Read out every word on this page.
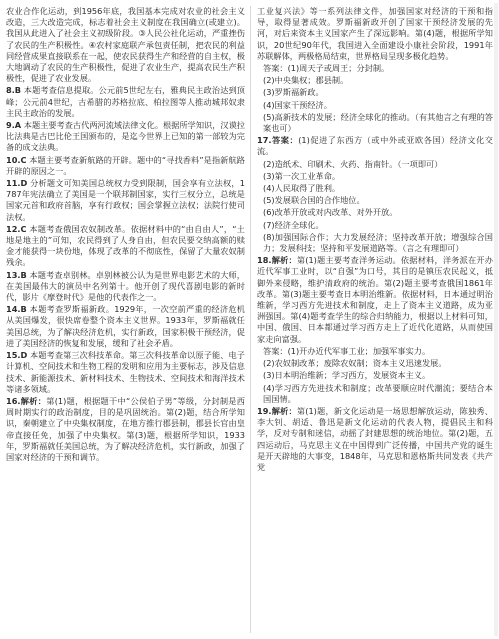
农业合作化运动，到1956年底，我国基本完成对农业的社会主义改造，三大改造完成，标志着社会主义制度在我国确立(或建立)。我国从此进入了社会主义初级阶段。③人民公社化运动，严重挫伤了农民的生产积极性。④农村家庭联产承包责任制，把农民的利益同经营成果直接联系在一起，使农民获得生产和经营的自主权，极大地调动了农民的生产积极性，促进了农业生产，提高农民生产积极性，促进了农业发展。

8.B 本题考查信息提取。公元前5世纪左右，雅典民主政治达到顶峰；公元前4世纪，古希腊的苏格拉底、柏拉图等人推动城邦奴隶主民主政治的发展。

9.A 本题主要考查古代两河流域法律文化。根据所学知识，汉谟拉比法典是古巴比伦王国颁布的，是迄今世界上已知的第一部较为完备的成文法典。

10.C 本题主要考查新航路的开辟。题中的“寻找香料”是指新航路开辟的原因之一。

11.D 分析题文可知美国总统权力受到限制，国会享有立法权，1787年宪法确立了美国是一个联邦制国家，实行三权分立，总统是国家元首和政府首脑，享有行政权；国会掌握立法权；法院行使司法权。

12.C 本题考查俄国农奴制改革。依据材料中的“由自由人”，“土地是地主的”可知，农民得到了人身自由，但农民要交纳高额的赎金才能获得一块份地，体现了改革的不彻底性，保留了大量农奴制残余。

13.B 本题考查卓别林。卓别林被公认为是世界电影艺术的大师，在美国最伟大的演员中名列第十。他开创了现代喜剧电影的新时代，影片《摩登时代》是他的代表作之一。

14.B 本题考查罗斯福新政。1929年，一次空前严重的经济危机从美国爆发，很快席卷整个资本主义世界。1933年，罗斯福就任美国总统，为了解决经济危机，实行新政，国家积极干预经济，促进了美国经济的恢复和发展，缓和了社会矛盾。

15.D 本题考查第三次科技革命。第三次科技革命以原子能、电子计算机、空间技术和生物工程的发明和应用为主要标志，涉及信息技术、新能源技术、新材料技术、生物技术、空间技术和海洋技术等诸多领域。

16.解析：第(1)题，根据题干中“公侯伯子男”等级，分封制是西周时期实行的政治制度，目的是巩固统治。第(2)题，结合所学知识，秦朝建立了中央集权制度，在地方推行郡县制，郡县长官由皇帝直接任免，加强了中央集权。第(3)题，根据所学知识，1933年，罗斯福就任美国总统，为了解决经济危机，实行新政，加强了国家对经济的干预和调节。

工业复兴法》等一系列法律文件，加强国家对经济的干预和指导，取得显著成效。罗斯福新政开创了国家干预经济发展的先河，对后来资本主义国家产生了深远影响。第(4)题，根据所学知识，20世纪90年代，我国进入全面建设小康社会阶段，1991年苏联解体，两极格局结束，世界格局呈现多极化趋势。

答案：(1)周天子或周王；分封制。

(2)中央集权；郡县制。

(3)罗斯福新政。

(4)国家干预经济。

(5)高新技术的发展；经济全球化的推动。（有其他言之有理的答案也可）

17.答案：(1)促进了东西方（或中外或亚欧各国）经济文化交流。

(2)造纸术、印刷术、火药、指南针。（一项即可）

(3)第一次工业革命。

(4)人民取得了胜利。

(5)发展联合国的合作地位。

(6)改革开放或对内改革、对外开放。

(7)经济全球化。

(8)加强国际合作；大力发展经济；坚持改革开放；增强综合国力；发展科技；坚持和平发展道路等。（言之有理即可）

18.解析：第(1)题主要考查洋务运动。依据材料，洋务派在开办近代军事工业时，以“自强”为口号，其目的是镇压农民起义，抵御外来侵略，维护清政府的统治。第(2)题主要考查俄国1861年改革。第(3)题主要考查日本明治维新。依据材料，日本通过明治维新，学习西方先进技术和制度，走上了资本主义道路，成为亚洲强国。第(4)题考查学生的综合归纳能力，根据以上材料可知，中国、俄国、日本都通过学习西方走上了近代化道路，从而使国家走向富强。

答案：(1)开办近代军事工业；加强军事实力。

(2)农奴制改革；废除农奴制；资本主义迅速发展。

(3)日本明治维新；学习西方，发展资本主义。

(4)学习西方先进技术和制度；改革要顺应时代潮流；要结合本国国情。

19.解析：第(1)题，新文化运动是一场思想解放运动，陈独秀、李大钊、胡适、鲁迅是新文化运动的代表人物，提倡民主和科学，反对专制和迷信，动摇了封建思想的统治地位。第(2)题，五四运动后，马克思主义在中国得到广泛传播，中国共产党的诞生是开天辟地的大事变，1848年，马克思和恩格斯共同发表《共产党
